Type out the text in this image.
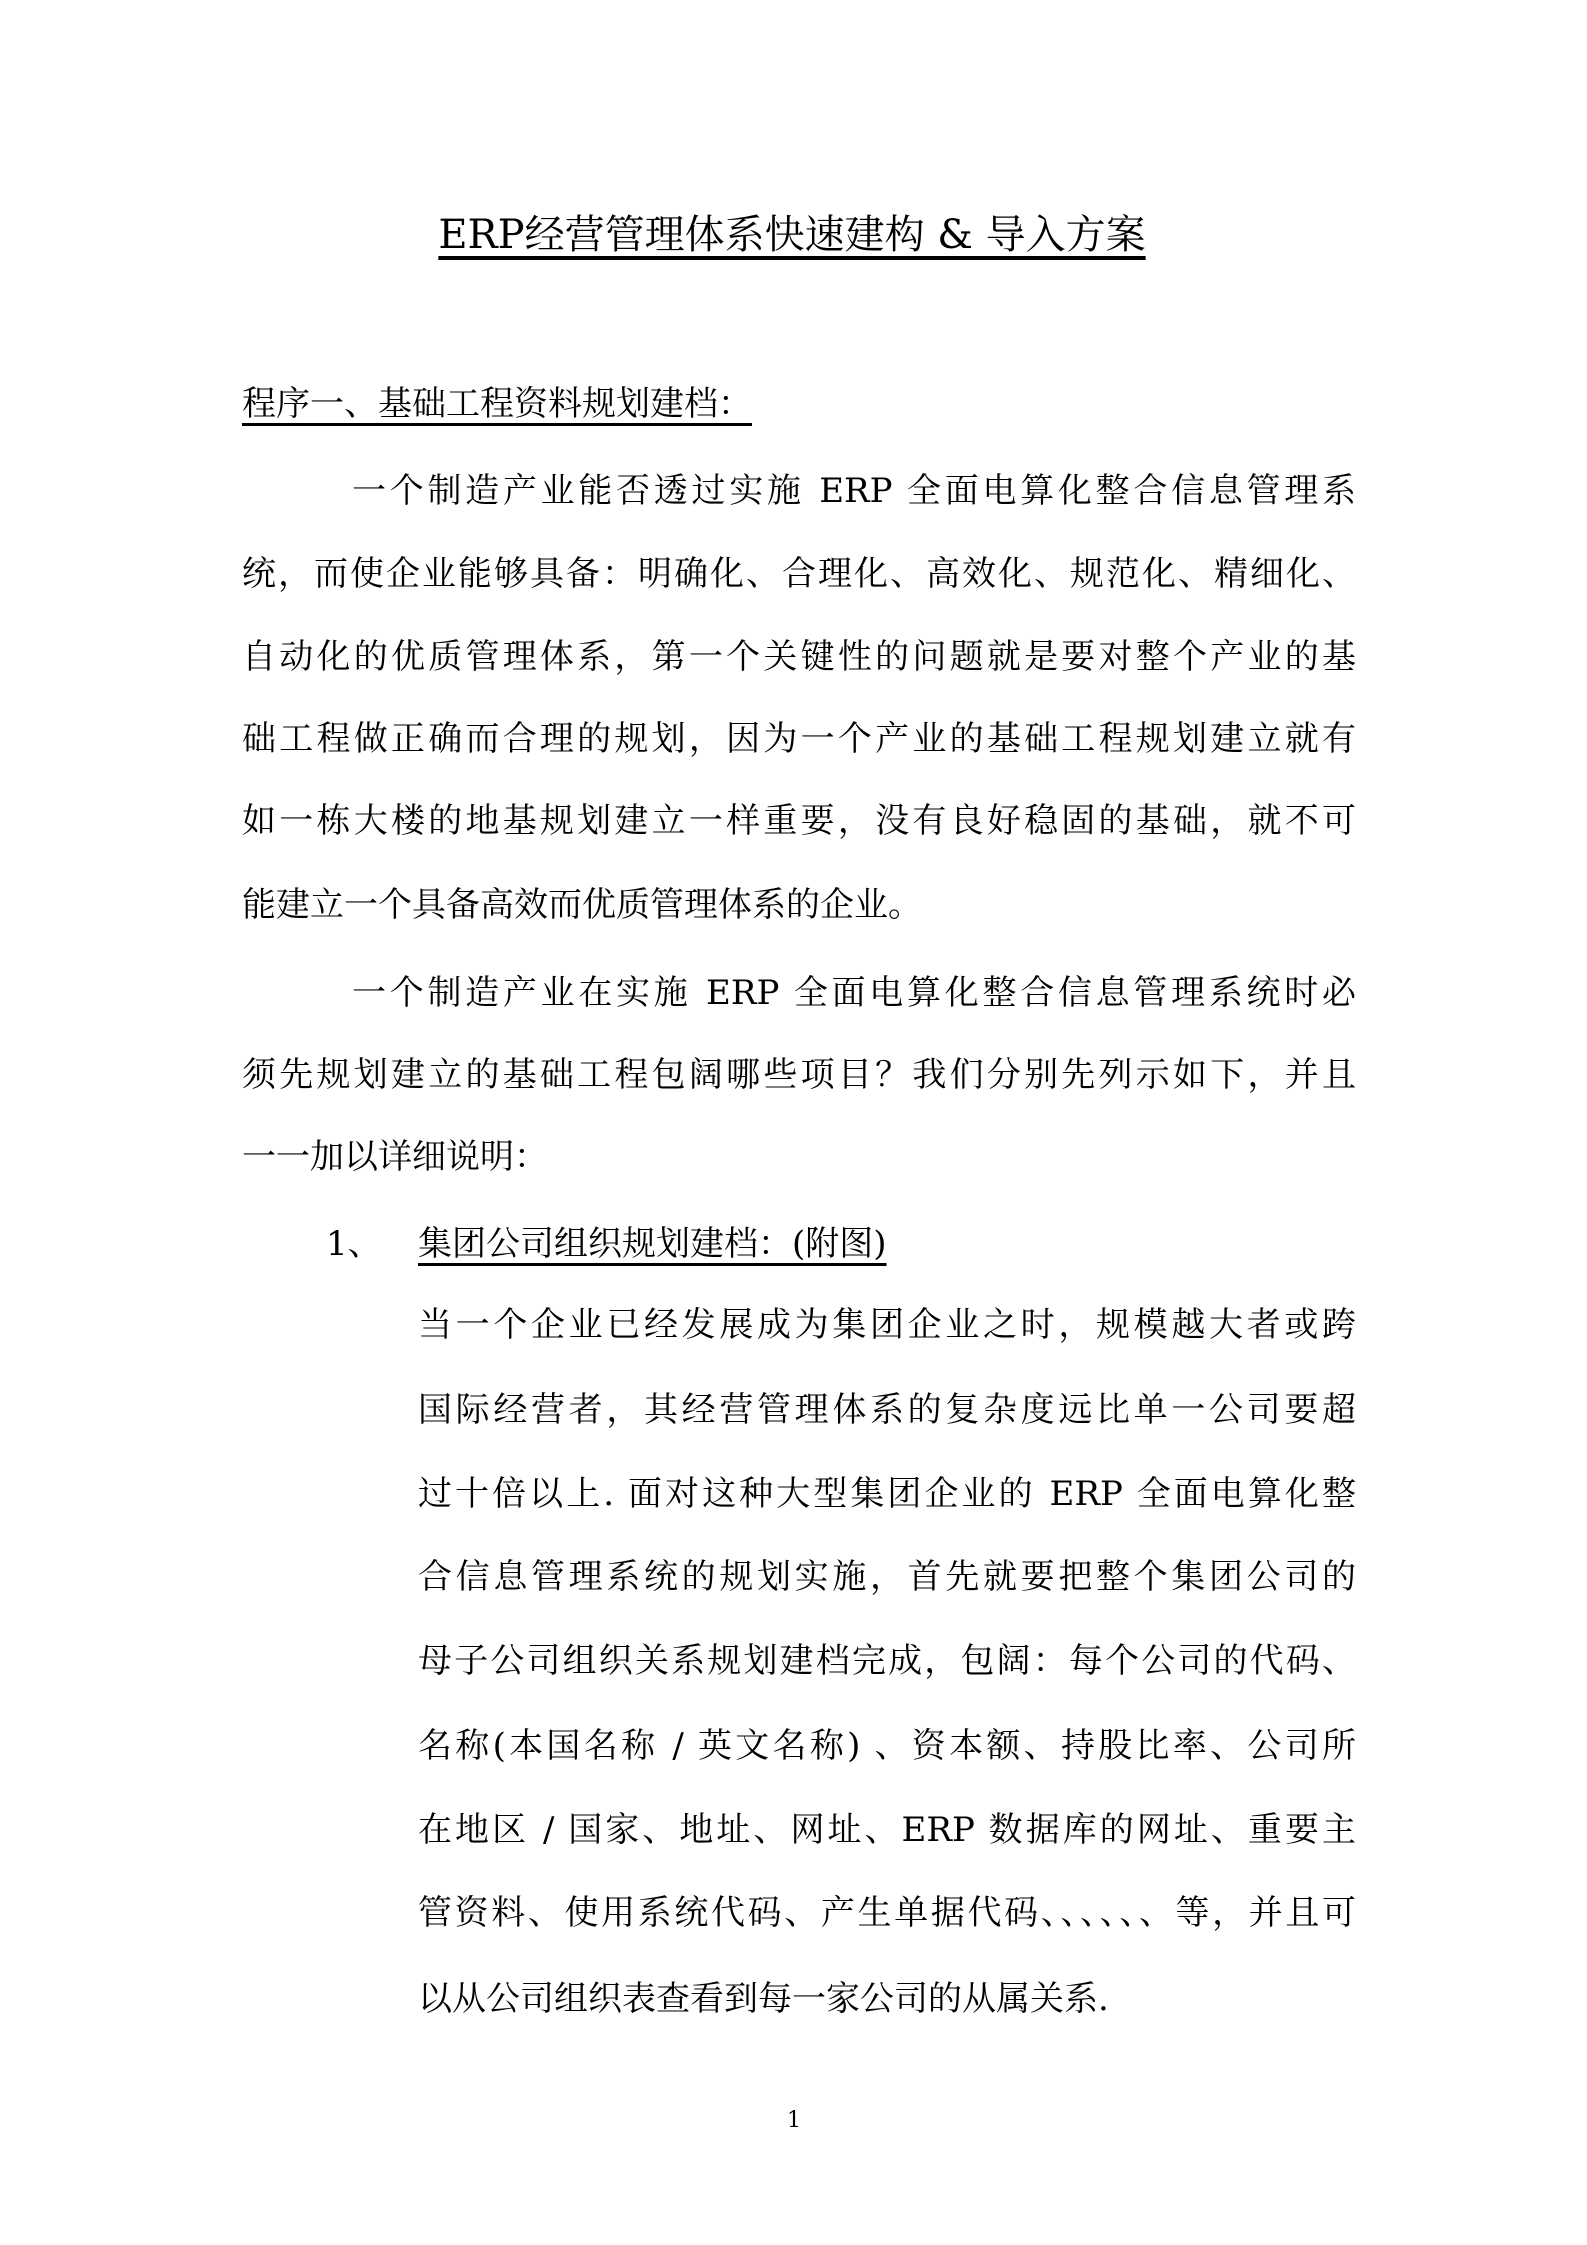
ERP经营管理体系快速建构 & 导入方案
程序一、基础工程资料规划建档：
一个制造产业能否透过实施 ERP 全面电算化整合信息管理系
统，而使企业能够具备：明确化、合理化、高效化、规范化、精细化、
自动化的优质管理体系，第一个关键性的问题就是要对整个产业的基
础工程做正确而合理的规划，因为一个产业的基础工程规划建立就有
如一栋大楼的地基规划建立一样重要，没有良好稳固的基础，就不可
能建立一个具备高效而优质管理体系的企业。
一个制造产业在实施 ERP 全面电算化整合信息管理系统时必
须先规划建立的基础工程包阔哪些项目？我们分别先列示如下，并且
一一加以详细说明：
1、 集团公司组织规划建档：(附图)
当一个企业已经发展成为集团企业之时，规模越大者或跨
国际经营者，其经营管理体系的复杂度远比单一公司要超
过十倍以上. 面对这种大型集团企业的 ERP 全面电算化整
合信息管理系统的规划实施，首先就要把整个集团公司的
母子公司组织关系规划建档完成，包阔：每个公司的代码、
名称(本国名称 / 英文名称) 、资本额、持股比率、公司所
在地区 / 国家、地址、网址、ERP 数据库的网址、重要主
管资料、使用系统代码、产生单据代码、、、、、、等，并且可
以从公司组织表查看到每一家公司的从属关系.
1
